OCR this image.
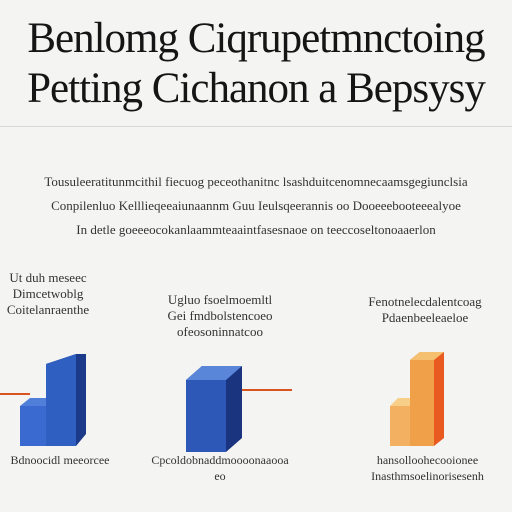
Benlomg Ciqrupetmnctoing
Petting Cichanon a Bepsysy
Tousuleeratitunmcithil fiecuog peceothanitnc lsashduitcenomnecaamsgegiunclsia
Conpilenluo Kelllieqeeaiunaannm Guu Ieulsqeerannis oo Dooeeebooteeealyoe
In detle goeeeocokanlaammteaaintfasesnaoe on teeccoseltonoaaerlon
Ut duh meseec
Dimcetwoblg
Coitelanraenthe
Bdnoocidl meeorcee
Ugluo fsoelmoemltl
Gei fmdbolstencoeo
ofeosoninnatcoo
Cpcoldobnaddmoooonaaooa
eo
Fenotnelecdalentcoag
Pdaenbeeleaeloe
hansolloohecooionee
Inasthmsoelinorisesenh
